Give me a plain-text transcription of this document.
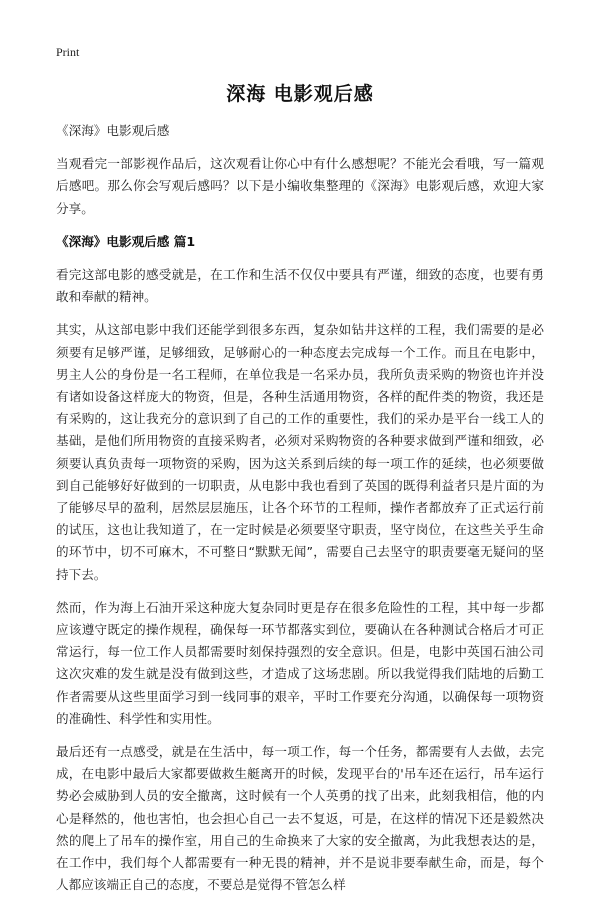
Print
深海 电影观后感
《深海》电影观后感

当观看完一部影视作品后，这次观看让你心中有什么感想呢？不能光会看哦，写一篇观后感吧。那么你会写观后感吗？以下是小编收集整理的《深海》电影观后感，欢迎大家分享。

《深海》电影观后感 篇1

看完这部电影的感受就是，在工作和生活不仅仅中要具有严谨，细致的态度，也要有勇敢和奉献的精神。

其实，从这部电影中我们还能学到很多东西，复杂如钻井这样的工程，我们需要的是必须要有足够严谨，足够细致，足够耐心的一种态度去完成每一个工作。而且在电影中，男主人公的身份是一名工程师，在单位我是一名采办员，我所负责采购的物资也许并没有诸如设备这样庞大的物资，但是，各种生活通用物资，各样的配件类的物资，我还是有采购的，这让我充分的意识到了自己的工作的重要性，我们的采办是平台一线工人的基础，是他们所用物资的直接采购者，必须对采购物资的各种要求做到严谨和细致，必须要认真负责每一项物资的采购，因为这关系到后续的每一项工作的延续，也必须要做到自己能够好好做到的一切职责，从电影中我也看到了英国的既得利益者只是片面的为了能够尽早的盈利，居然层层施压，让各个环节的工程师，操作者都放弃了正式运行前的试压，这也让我知道了，在一定时候是必须要坚守职责，坚守岗位，在这些关乎生命的环节中，切不可麻木，不可整日“默默无闻”，需要自己去坚守的职责要毫无疑问的坚持下去。

然而，作为海上石油开采这种庞大复杂同时更是存在很多危险性的工程，其中每一步都应该遵守既定的操作规程，确保每一环节都落实到位，要确认在各种测试合格后才可正常运行，每一位工作人员都需要时刻保持强烈的安全意识。但是，电影中英国石油公司这次灾难的发生就是没有做到这些，才造成了这场悲剧。所以我觉得我们陆地的后勤工作者需要从这些里面学习到一线同事的艰辛，平时工作要充分沟通，以确保每一项物资的准确性、科学性和实用性。

最后还有一点感受，就是在生活中，每一项工作，每一个任务，都需要有人去做，去完成，在电影中最后大家都要做救生艇离开的时候，发现平台的'吊车还在运行，吊车运行势必会威胁到人员的安全撤离，这时候有一个人英勇的找了出来，此刻我相信，他的内心是释然的，他也害怕，也会担心自己一去不复返，可是，在这样的情况下还是毅然决然的爬上了吊车的操作室，用自己的生命换来了大家的安全撤离，为此我想表达的是，在工作中，我们每个人都需要有一种无畏的精神，并不是说非要奉献生命，而是，每个人都应该端正自己的态度，不要总是觉得不管怎么样
